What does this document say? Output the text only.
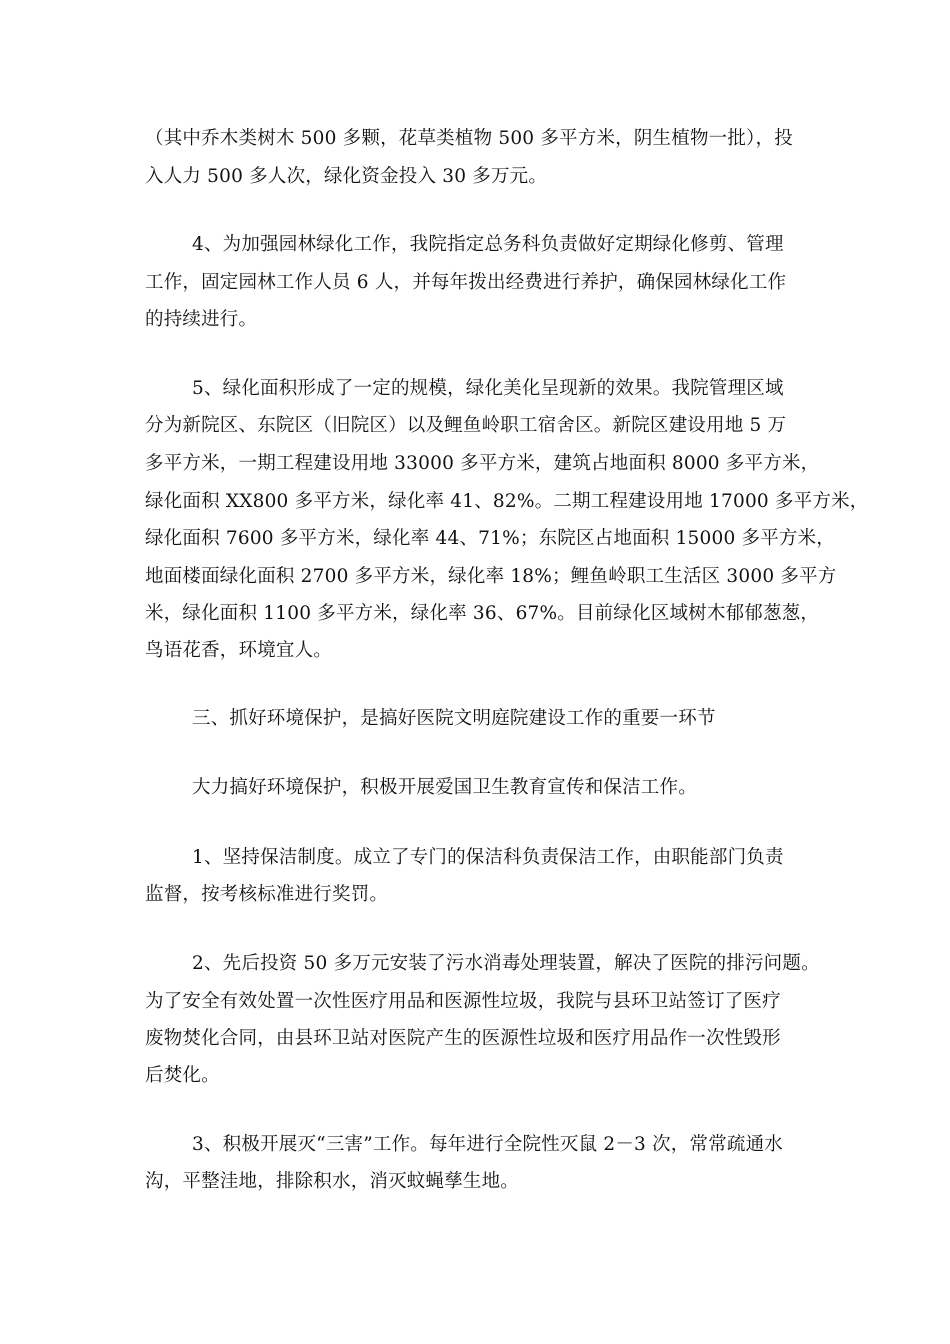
（其中乔木类树木 500 多颗，花草类植物 500 多平方米，阴生植物一批），投
入人力 500 多人次，绿化资金投入 30 多万元。
4、为加强园林绿化工作，我院指定总务科负责做好定期绿化修剪、管理
工作，固定园林工作人员 6 人，并每年拨出经费进行养护，确保园林绿化工作
的持续进行。
5、绿化面积形成了一定的规模，绿化美化呈现新的效果。我院管理区域
分为新院区、东院区（旧院区）以及鲤鱼岭职工宿舍区。新院区建设用地 5 万
多平方米，一期工程建设用地 33000 多平方米，建筑占地面积 8000 多平方米，
绿化面积 XX800 多平方米，绿化率 41、82%。二期工程建设用地 17000 多平方米，
绿化面积 7600 多平方米，绿化率 44、71%；东院区占地面积 15000 多平方米，
地面楼面绿化面积 2700 多平方米，绿化率 18%；鲤鱼岭职工生活区 3000 多平方
米，绿化面积 1100 多平方米，绿化率 36、67%。目前绿化区域树木郁郁葱葱，
鸟语花香，环境宜人。
三、抓好环境保护，是搞好医院文明庭院建设工作的重要一环节
大力搞好环境保护，积极开展爱国卫生教育宣传和保洁工作。
1、坚持保洁制度。成立了专门的保洁科负责保洁工作，由职能部门负责
监督，按考核标准进行奖罚。
2、先后投资 50 多万元安装了污水消毒处理装置，解决了医院的排污问题。
为了安全有效处置一次性医疗用品和医源性垃圾，我院与县环卫站签订了医疗
废物焚化合同，由县环卫站对医院产生的医源性垃圾和医疗用品作一次性毁形
后焚化。
3、积极开展灭“三害”工作。每年进行全院性灭鼠 2－3 次，常常疏通水
沟，平整洼地，排除积水，消灭蚊蝇孳生地。
